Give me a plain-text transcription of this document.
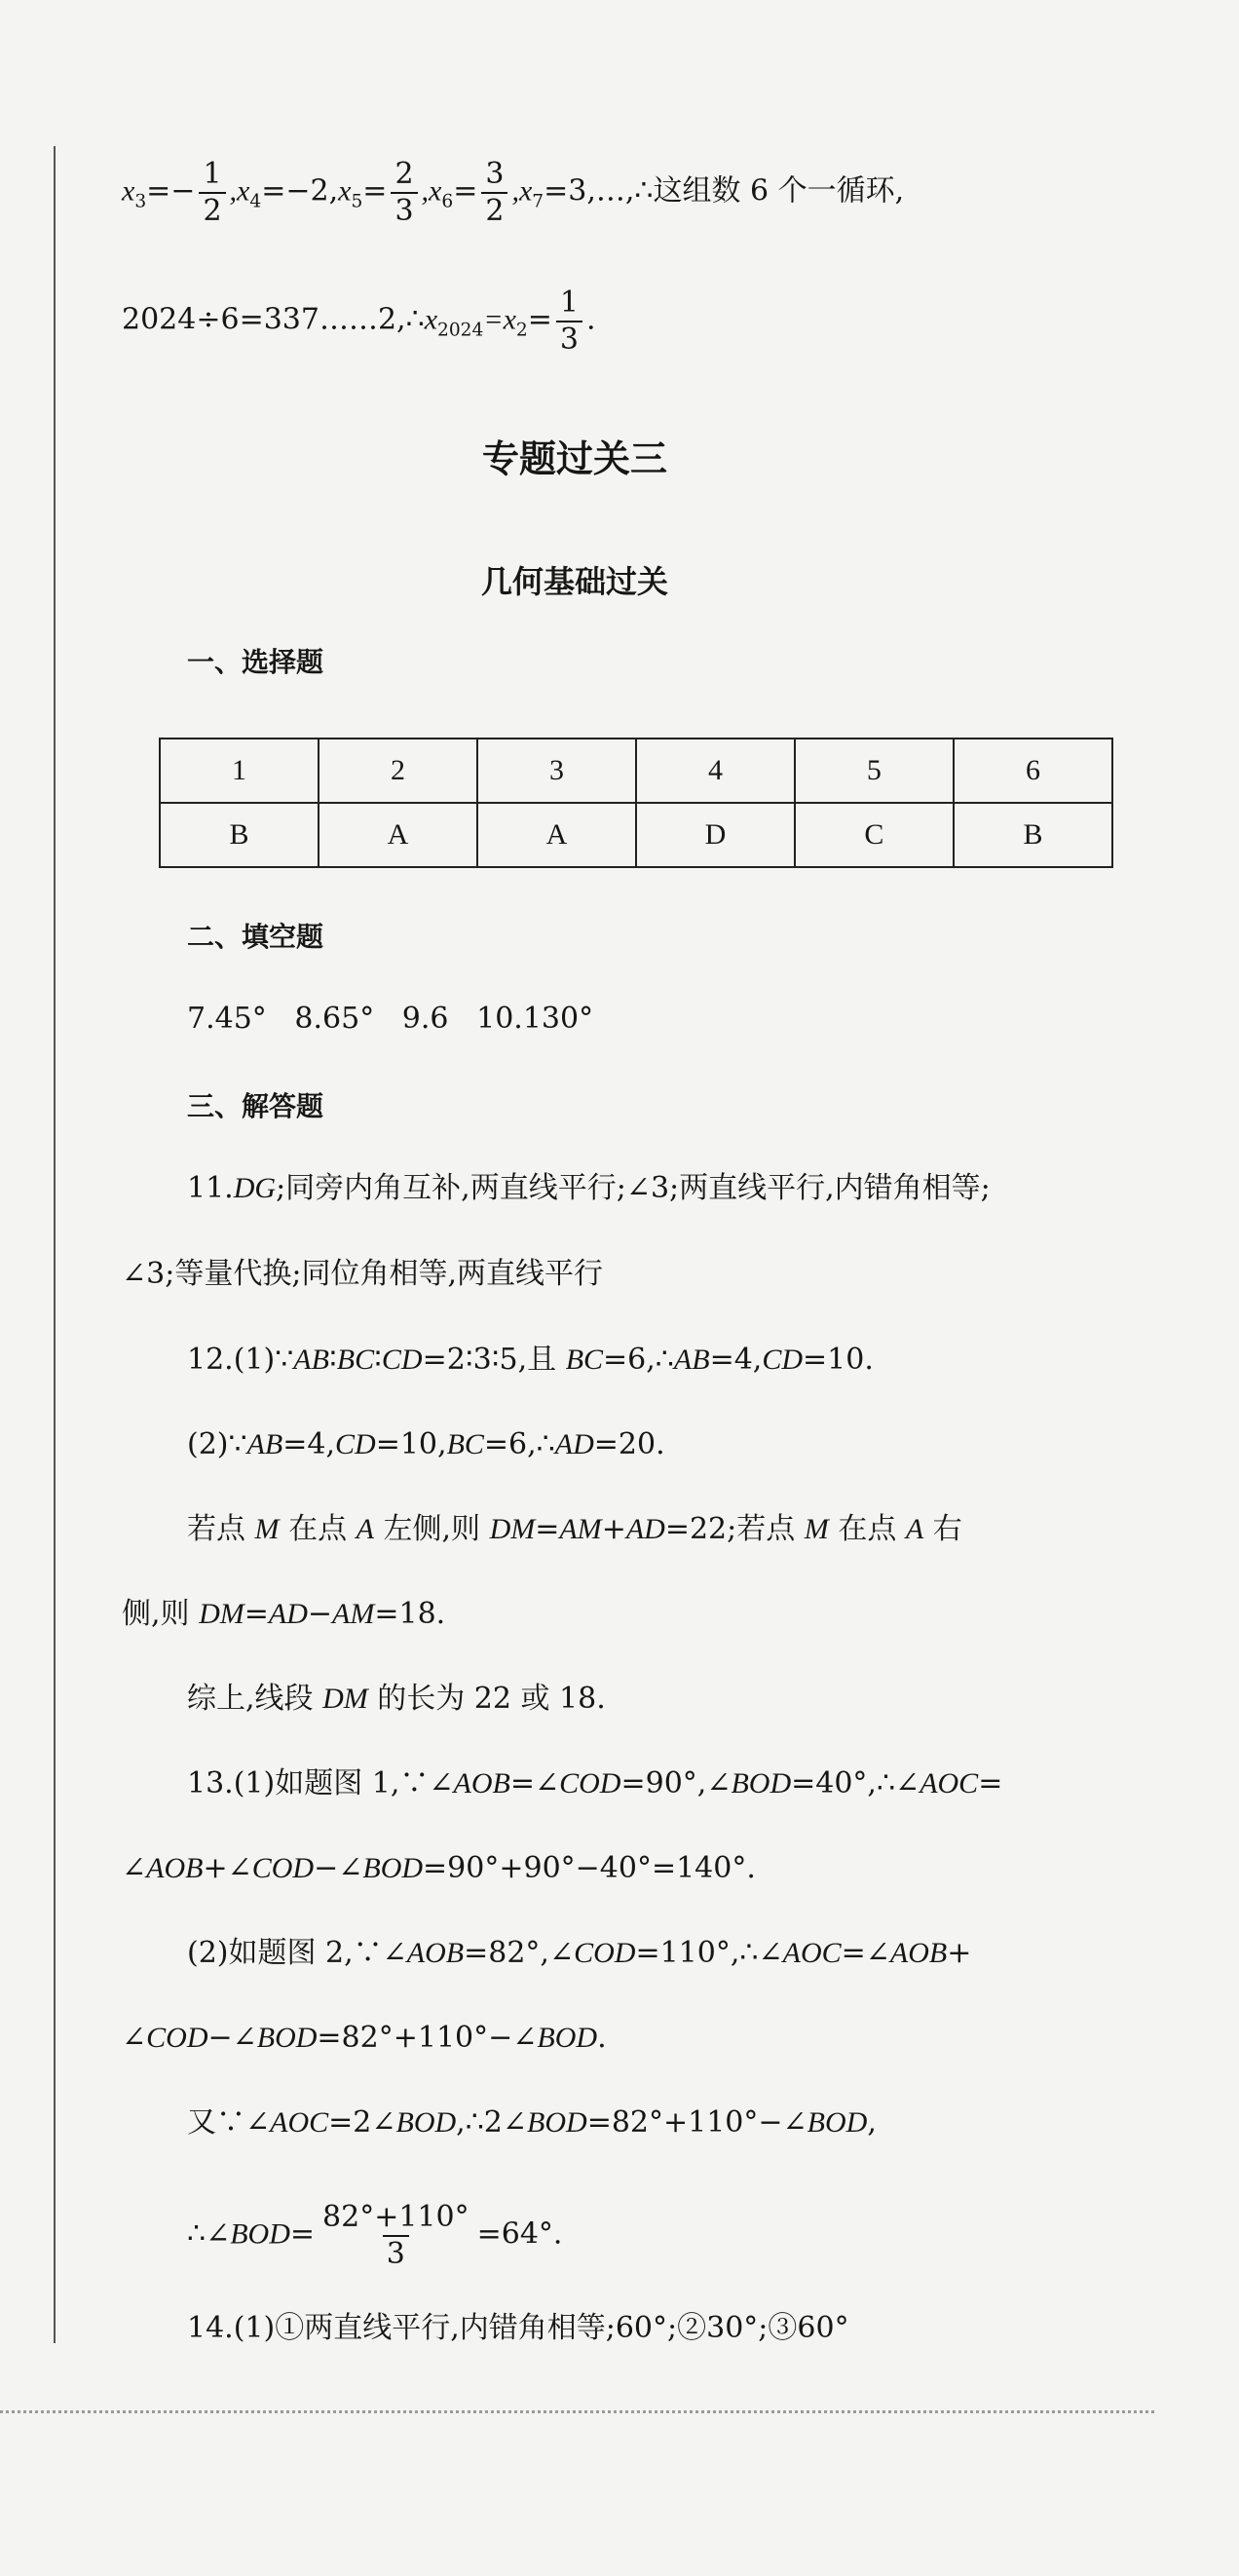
$x_3=- \frac{1}{2} ,x_4=-2,x_5= \frac{2}{3} ,x_6= \frac{3}{2}$ $,x_7=3,\dots,\therefore$这组数 6 个一循环,
$2024\div 6=337\dots\dots 2,\therefore x_{2024}=x_2= \frac{1}{3}$ .
专题过关三
几何基础过关
一、选择题
1	2	3	4	5	6
B	A	A	D	C	B
二、填空题
7.45°   8.65°   9.6   10.130°
三、解答题
11.DG;同旁内角互补,两直线平行;∠3;两直线平行,内错角相等;
∠3;等量代换;同位角相等,两直线平行
12.(1)∵AB∶BC∶CD=2∶3∶5,且 BC=6,∴AB=4,CD=10.
(2)∵AB=4,CD=10,BC=6,∴AD=20.
若点 M 在点 A 左侧,则 DM=AM+AD=22;若点 M 在点 A 右
侧,则 DM=AD−AM=18.
综上,线段 DM 的长为 22 或 18.
13.(1)如题图 1,∵∠AOB=∠COD=90°,∠BOD=40°,∴∠AOC=
∠AOB+∠COD−∠BOD=90°+90°−40°=140°.
(2)如题图 2,∵∠AOB=82°,∠COD=110°,∴∠AOC=∠AOB+
∠COD−∠BOD=82°+110°−∠BOD.
又∵∠AOC=2∠BOD,∴2∠BOD=82°+110°−∠BOD,
∴∠BOD= $\frac{82^\circ+110^\circ}{3} =64^\circ$.
14.(1)①两直线平行,内错角相等;60°;②30°;③60°
